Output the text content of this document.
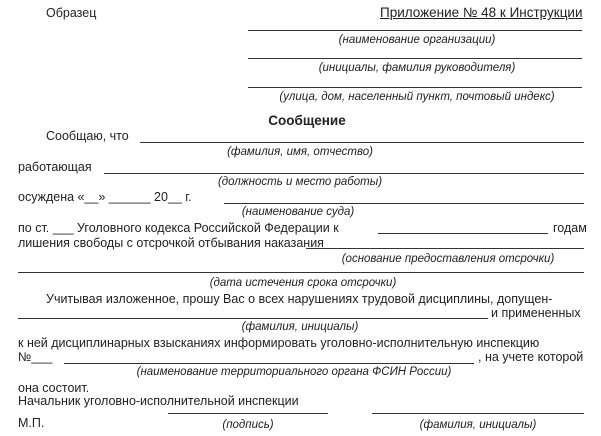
Образец	Приложение № 48 к Инструкции
(наименование организации)
(инициалы, фамилия руководителя)
(улица, дом, населенный пункт, почтовый индекс)
Сообщение
Сообщаю, что
(фамилия, имя, отчество)
работающая
(должность и место работы)
осуждена «__» ______ 20__ г.
(наименование суда)
по ст. ___ Уголовного кодекса Российской Федерации к	годам
лишения свободы с отсрочкой отбывания наказания
(основание предоставления отсрочки)
(дата истечения срока отсрочки)
Учитывая изложенное, прошу Вас о всех нарушениях трудовой дисциплины, допущен-
и примененных
(фамилия, инициалы)
к ней дисциплинарных взысканиях информировать уголовно-исполнительную инспекцию
№___	, на учете которой
(наименование территориального органа ФСИН России)
она состоит.
Начальник уголовно-исполнительной инспекции
М.П.	(подпись)	(фамилия, инициалы)
